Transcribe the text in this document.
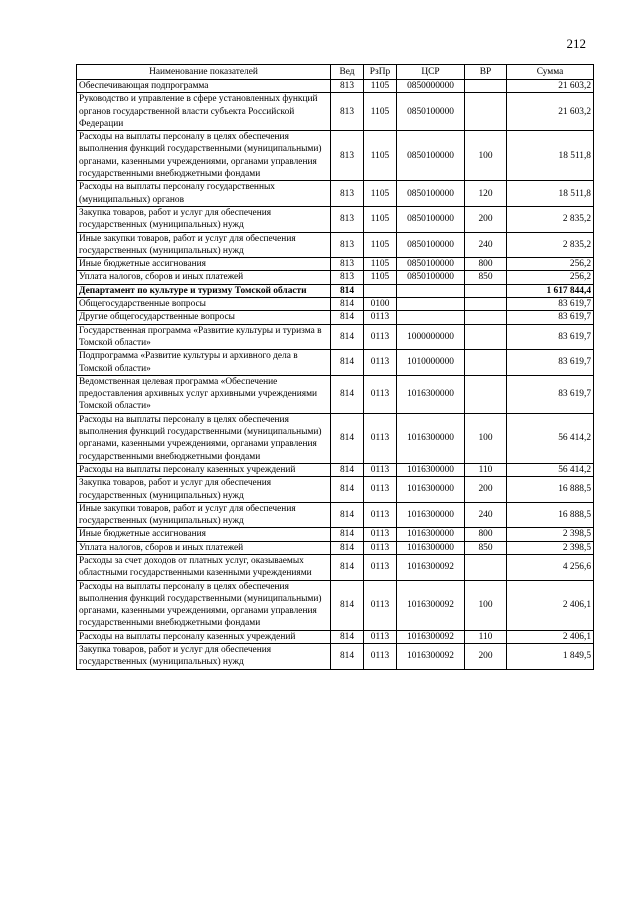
212
Наименование показателей	Вед	РзПр	ЦСР	ВР	Сумма
Обеспечивающая подпрограмма	813	1105	0850000000		21 603,2
Руководство и управление в сфере установленных функций органов государственной власти субъекта Российской Федерации	813	1105	0850100000		21 603,2
Расходы на выплаты персоналу в целях обеспечения выполнения функций государственными (муниципальными) органами, казенными учреждениями, органами управления государственными внебюджетными фондами	813	1105	0850100000	100	18 511,8
Расходы на выплаты персоналу государственных (муниципальных) органов	813	1105	0850100000	120	18 511,8
Закупка товаров, работ и услуг для обеспечения государственных (муниципальных) нужд	813	1105	0850100000	200	2 835,2
Иные закупки товаров, работ и услуг для обеспечения государственных (муниципальных) нужд	813	1105	0850100000	240	2 835,2
Иные бюджетные ассигнования	813	1105	0850100000	800	256,2
Уплата налогов, сборов и иных платежей	813	1105	0850100000	850	256,2
Департамент по культуре и туризму Томской области	814				1 617 844,4
Общегосударственные вопросы	814	0100			83 619,7
Другие общегосударственные вопросы	814	0113			83 619,7
Государственная программа «Развитие культуры и туризма в Томской области»	814	0113	1000000000		83 619,7
Подпрограмма «Развитие культуры и архивного дела в Томской области»	814	0113	1010000000		83 619,7
Ведомственная целевая программа «Обеспечение предоставления архивных услуг архивными учреждениями Томской области»	814	0113	1016300000		83 619,7
Расходы на выплаты персоналу в целях обеспечения выполнения функций государственными (муниципальными) органами, казенными учреждениями, органами управления государственными внебюджетными фондами	814	0113	1016300000	100	56 414,2
Расходы на выплаты персоналу казенных учреждений	814	0113	1016300000	110	56 414,2
Закупка товаров, работ и услуг для обеспечения государственных (муниципальных) нужд	814	0113	1016300000	200	16 888,5
Иные закупки товаров, работ и услуг для обеспечения государственных (муниципальных) нужд	814	0113	1016300000	240	16 888,5
Иные бюджетные ассигнования	814	0113	1016300000	800	2 398,5
Уплата налогов, сборов и иных платежей	814	0113	1016300000	850	2 398,5
Расходы за счет доходов от платных услуг, оказываемых областными государственными казенными учреждениями	814	0113	1016300092		4 256,6
Расходы на выплаты персоналу в целях обеспечения выполнения функций государственными (муниципальными) органами, казенными учреждениями, органами управления государственными внебюджетными фондами	814	0113	1016300092	100	2 406,1
Расходы на выплаты персоналу казенных учреждений	814	0113	1016300092	110	2 406,1
Закупка товаров, работ и услуг для обеспечения государственных (муниципальных) нужд	814	0113	1016300092	200	1 849,5
